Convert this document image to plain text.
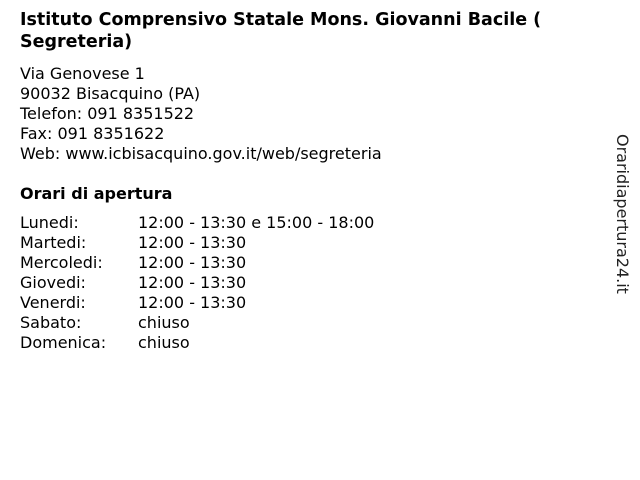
Istituto Comprensivo Statale Mons. Giovanni Bacile ( Segreteria)
Via Genovese 1
90032 Bisacquino (PA)
Telefon: 091 8351522
Fax: 091 8351622
Web: www.icbisacquino.gov.it/web/segreteria
Orari di apertura
Lunedi:	12:00 - 13:30 e 15:00 - 18:00
Martedi:	12:00 - 13:30
Mercoledi:	12:00 - 13:30
Giovedi:	12:00 - 13:30
Venerdi:	12:00 - 13:30
Sabato:	chiuso
Domenica:	chiuso
Oraridiapertura24.it
